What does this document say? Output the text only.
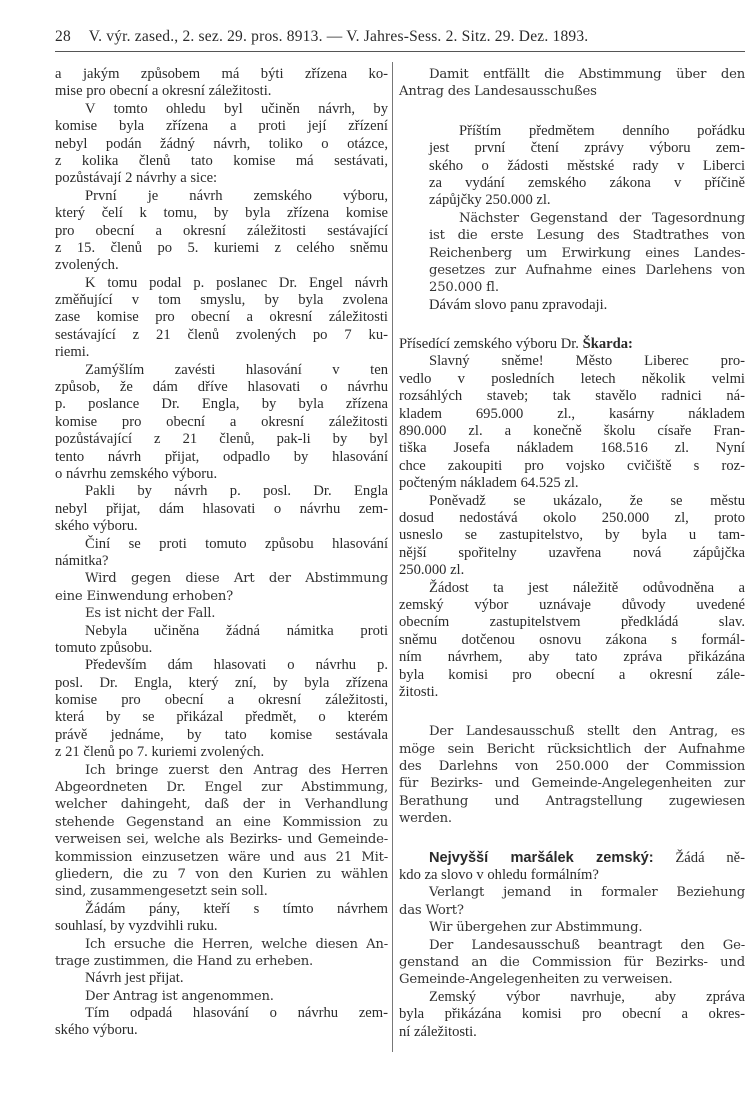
28 V. výr. zased., 2. sez. 29. pros. 8913. — V. Jahres-Sess. 2. Sitz. 29. Dez. 1893.
a jakým způsobem má býti zřízena ko-
mise pro obecní a okresní záležitosti.
V tomto ohledu byl učiněn návrh, by
komise byla zřízena a proti její zřízení
nebyl podán žádný návrh, toliko o otázce,
z kolika členů tato komise má sestávati,
pozůstávají 2 návrhy a sice:
První je návrh zemského výboru,
který čelí k tomu, by byla zřízena komise
pro obecní a okresní záležitosti sestávající
z 15. členů po 5. kuriemi z celého sněmu
zvolených.
K tomu podal p. poslanec Dr. Engel návrh
změňující v tom smyslu, by byla zvolena
zase komise pro obecní a okresní záležitosti
sestávající z 21 členů zvolených po 7 ku-
riemi.
Zamýšlím zavésti hlasování v ten
způsob, že dám dříve hlasovati o návrhu
p. poslance Dr. Engla, by byla zřízena
komise pro obecní a okresní záležitosti
pozůstávající z 21 členů, pak-li by byl
tento návrh přijat, odpadlo by hlasování
o návrhu zemského výboru.
Pakli by návrh p. posl. Dr. Engla
nebyl přijat, dám hlasovati o návrhu zem-
ského výboru.
Činí se proti tomuto způsobu hlasování
námitka?
Wird gegen diese Art der Abstimmung
eine Einwendung erhoben?
Es ist nicht der Fall.
Nebyla učiněna žádná námitka proti
tomuto způsobu.
Především dám hlasovati o návrhu p.
posl. Dr. Engla, který zní, by byla zřízena
komise pro obecní a okresní záležitosti,
která by se přikázal předmět, o kterém
právě jednáme, by tato komise sestávala
z 21 členů po 7. kuriemi zvolených.
Ich bringe zuerst den Antrag des Herren
Abgeordneten Dr. Engel zur Abstimmung,
welcher dahingeht, daß der in Verhandlung
stehende Gegenstand an eine Kommission zu
verweisen sei, welche als Bezirks- und Gemeinde-
kommission einzusetzen wäre und aus 21 Mit-
gliedern, die zu 7 von den Kurien zu wählen
sind, zusammengesetzt sein soll.
Žádám pány, kteří s tímto návrhem
souhlasí, by vyzdvihli ruku.
Ich ersuche die Herren, welche diesen An-
trage zustimmen, die Hand zu erheben.
Návrh jest přijat.
Der Antrag ist angenommen.
Tím odpadá hlasování o návrhu zem-
ského výboru.
Damit entfällt die Abstimmung über den
Antrag des Landesausschußes
Příštím předmětem denního pořádku
jest první čtení zprávy výboru zem-
ského o žádosti městské rady v Liberci
za vydání zemského zákona v příčině
zápůjčky 250.000 zl.
Nächster Gegenstand der Tagesordnung
ist die erste Lesung des Stadtrathes von
Reichenberg um Erwirkung eines Landes-
gesetzes zur Aufnahme eines Darlehens von
250.000 fl.
Dávám slovo panu zpravodaji.
Přísedící zemského výboru Dr. Škarda:
Slavný sněme! Město Liberec pro-
vedlo v posledních letech několik velmi
rozsáhlých staveb; tak stavělo radnici ná-
kladem 695.000 zl., kasárny nákladem
890.000 zl. a konečně školu císaře Fran-
tiška Josefa nákladem 168.516 zl. Nyní
chce zakoupiti pro vojsko cvičiště s roz-
počteným nákladem 64.525 zl.
Poněvadž se ukázalo, že se městu
dosud nedostává okolo 250.000 zl, proto
usneslo se zastupitelstvo, by byla u tam-
nější spořitelny uzavřena nová zápůjčka
250.000 zl.
Žádost ta jest náležitě odůvodněna a
zemský výbor uznávaje důvody uvedené
obecním zastupitelstvem předkládá slav.
sněmu dotčenou osnovu zákona s formál-
ním návrhem, aby tato zpráva přikázána
byla komisi pro obecní a okresní zále-
žitosti.
Der Landesausschuß stellt den Antrag, es
möge sein Bericht rücksichtlich der Aufnahme
des Darlehns von 250.000 der Commission
für Bezirks- und Gemeinde-Angelegenheiten zur
Berathung und Antragstellung zugewiesen
werden.
Nejvyšší maršálek zemský: Žádá ně-
kdo za slovo v ohledu formálním?
Verlangt jemand in formaler Beziehung
das Wort?
Wir übergehen zur Abstimmung.
Der Landesausschuß beantragt den Ge-
genstand an die Commission für Bezirks- und
Gemeinde-Angelegenheiten zu verweisen.
Zemský výbor navrhuje, aby zpráva
byla přikázána komisi pro obecní a okres-
ní záležitosti.
